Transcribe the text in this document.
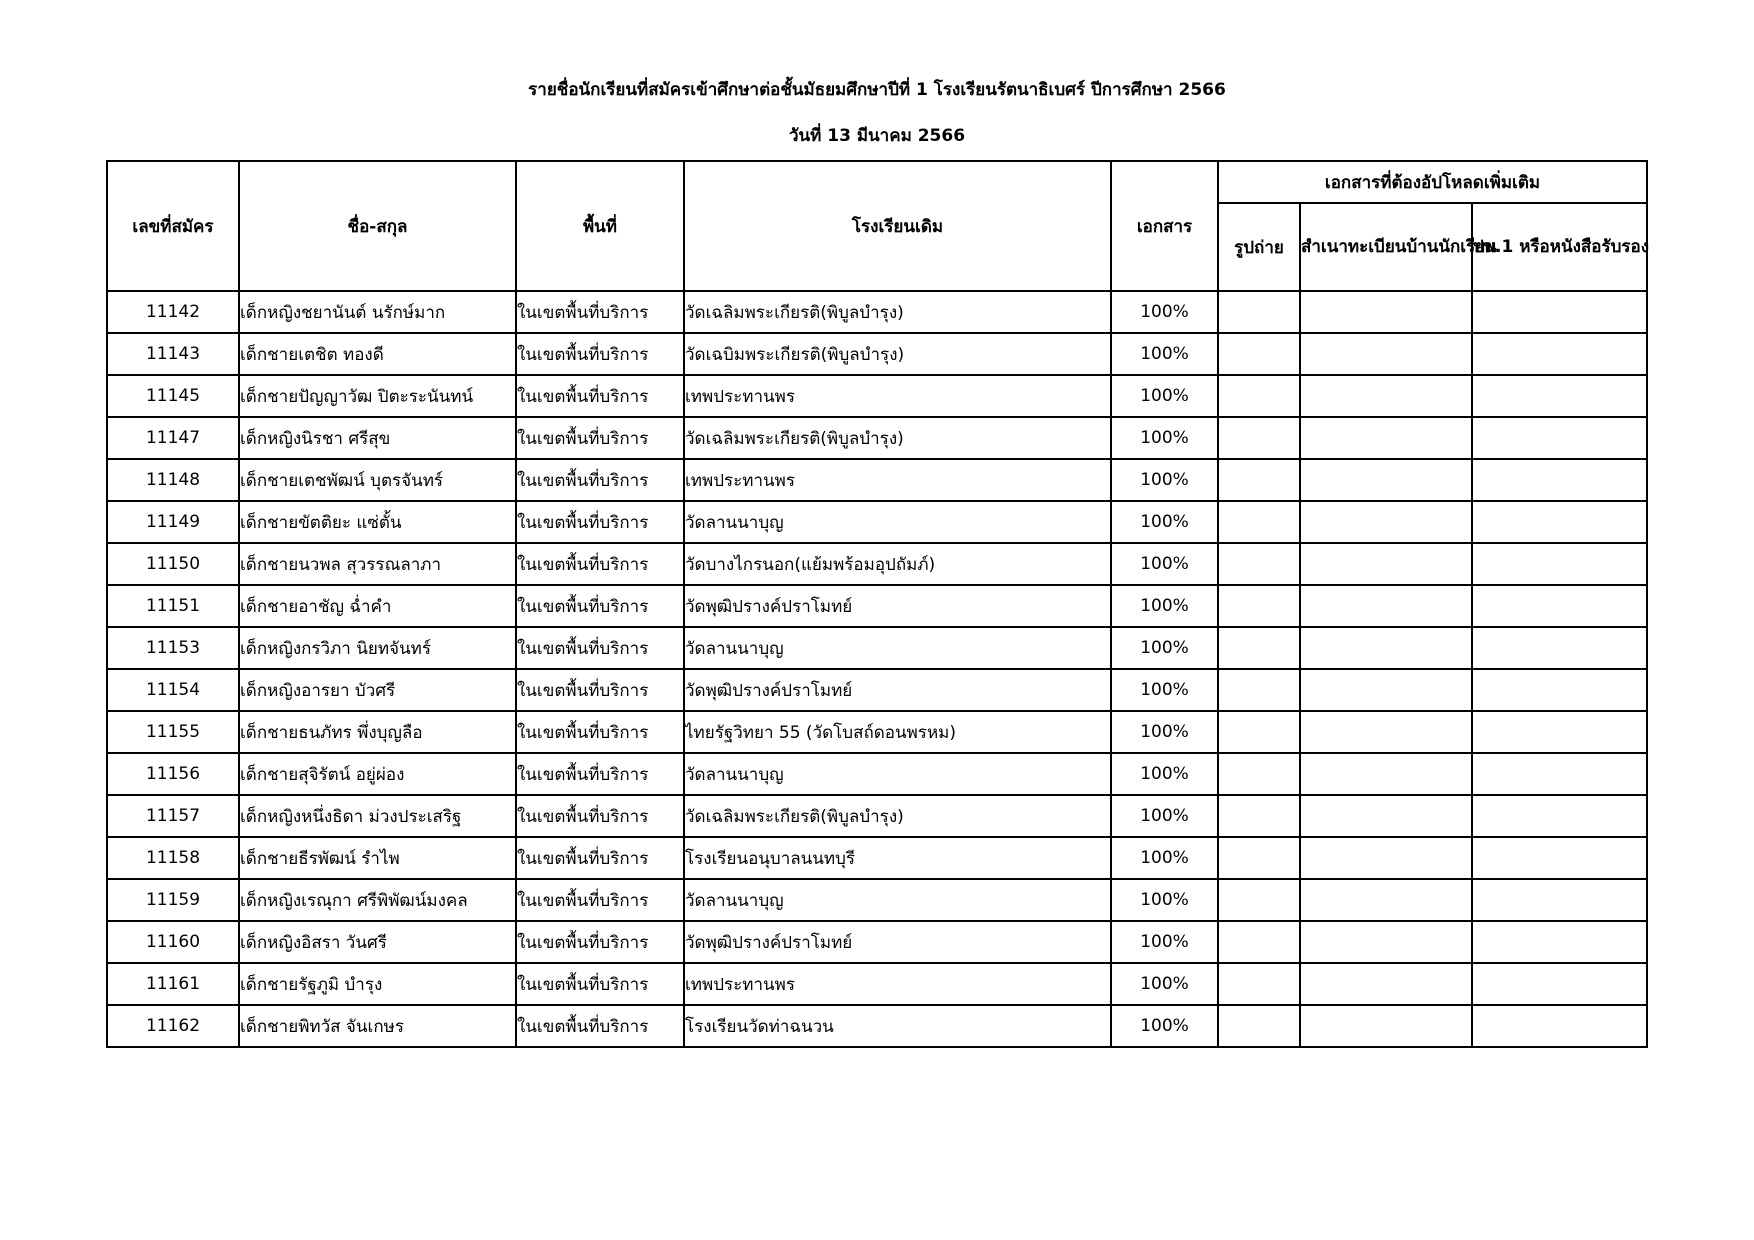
รายชื่อนักเรียนที่สมัครเข้าศึกษาต่อชั้นมัธยมศึกษาปีที่ 1 โรงเรียนรัตนาธิเบศร์ ปีการศึกษา 2566
วันที่ 13 มีนาคม 2566
เลขที่สมัคร	ชื่อ-สกุล	พื้นที่	โรงเรียนเดิม	เอกสาร	เอกสารที่ต้องอัปโหลดเพิ่มเติม		
					รูปถ่าย	สำเนาทะเบียนบ้านนักเรียน	ปพ.1 หรือหนังสือรับรอง
11142	เด็กหญิงชยานันต์ นรักษ์มาก	ในเขตพื้นที่บริการ	วัดเฉลิมพระเกียรติ(พิบูลบำรุง)	100%			
11143	เด็กชายเตชิต ทองดี	ในเขตพื้นที่บริการ	วัดเฉบิมพระเกียรติ(พิบูลบำรุง)	100%			
11145	เด็กชายปัญญาวัฒ ปิตะระนันทน์	ในเขตพื้นที่บริการ	เทพประทานพร	100%			
11147	เด็กหญิงนิรชา ศรีสุข	ในเขตพื้นที่บริการ	วัดเฉลิมพระเกียรติ(พิบูลบำรุง)	100%			
11148	เด็กชายเตชพัฒน์ บุตรจันทร์	ในเขตพื้นที่บริการ	เทพประทานพร	100%			
11149	เด็กชายขัตติยะ แซ่ตั้น	ในเขตพื้นที่บริการ	วัดลานนาบุญ	100%			
11150	เด็กชายนวพล สุวรรณลาภา	ในเขตพื้นที่บริการ	วัดบางไกรนอก(แย้มพร้อมอุปถัมภ์)	100%			
11151	เด็กชายอาชัญ ฉ่ำคำ	ในเขตพื้นที่บริการ	วัดพุฒิปรางค์ปราโมทย์	100%			
11153	เด็กหญิงกรวิภา นิยทจันทร์	ในเขตพื้นที่บริการ	วัดลานนาบุญ	100%			
11154	เด็กหญิงอารยา บัวศรี	ในเขตพื้นที่บริการ	วัดพุฒิปรางค์ปราโมทย์	100%			
11155	เด็กชายธนภัทร พึ่งบุญลือ	ในเขตพื้นที่บริการ	ไทยรัฐวิทยา 55 (วัดโบสถ์ดอนพรหม)	100%			
11156	เด็กชายสุจิรัตน์ อยู่ผ่อง	ในเขตพื้นที่บริการ	วัดลานนาบุญ	100%			
11157	เด็กหญิงหนึ่งธิดา ม่วงประเสริฐ	ในเขตพื้นที่บริการ	วัดเฉลิมพระเกียรติ(พิบูลบำรุง)	100%			
11158	เด็กชายธีรพัฒน์ รำไพ	ในเขตพื้นที่บริการ	โรงเรียนอนุบาลนนทบุรี	100%			
11159	เด็กหญิงเรณุกา ศรีพิพัฒน์มงคล	ในเขตพื้นที่บริการ	วัดลานนาบุญ	100%			
11160	เด็กหญิงอิสรา วันศรี	ในเขตพื้นที่บริการ	วัดพุฒิปรางค์ปราโมทย์	100%			
11161	เด็กชายรัฐภูมิ บำรุง	ในเขตพื้นที่บริการ	เทพประทานพร	100%			
11162	เด็กชายพิทวัส จันเกษร	ในเขตพื้นที่บริการ	โรงเรียนวัดท่าฉนวน	100%			
